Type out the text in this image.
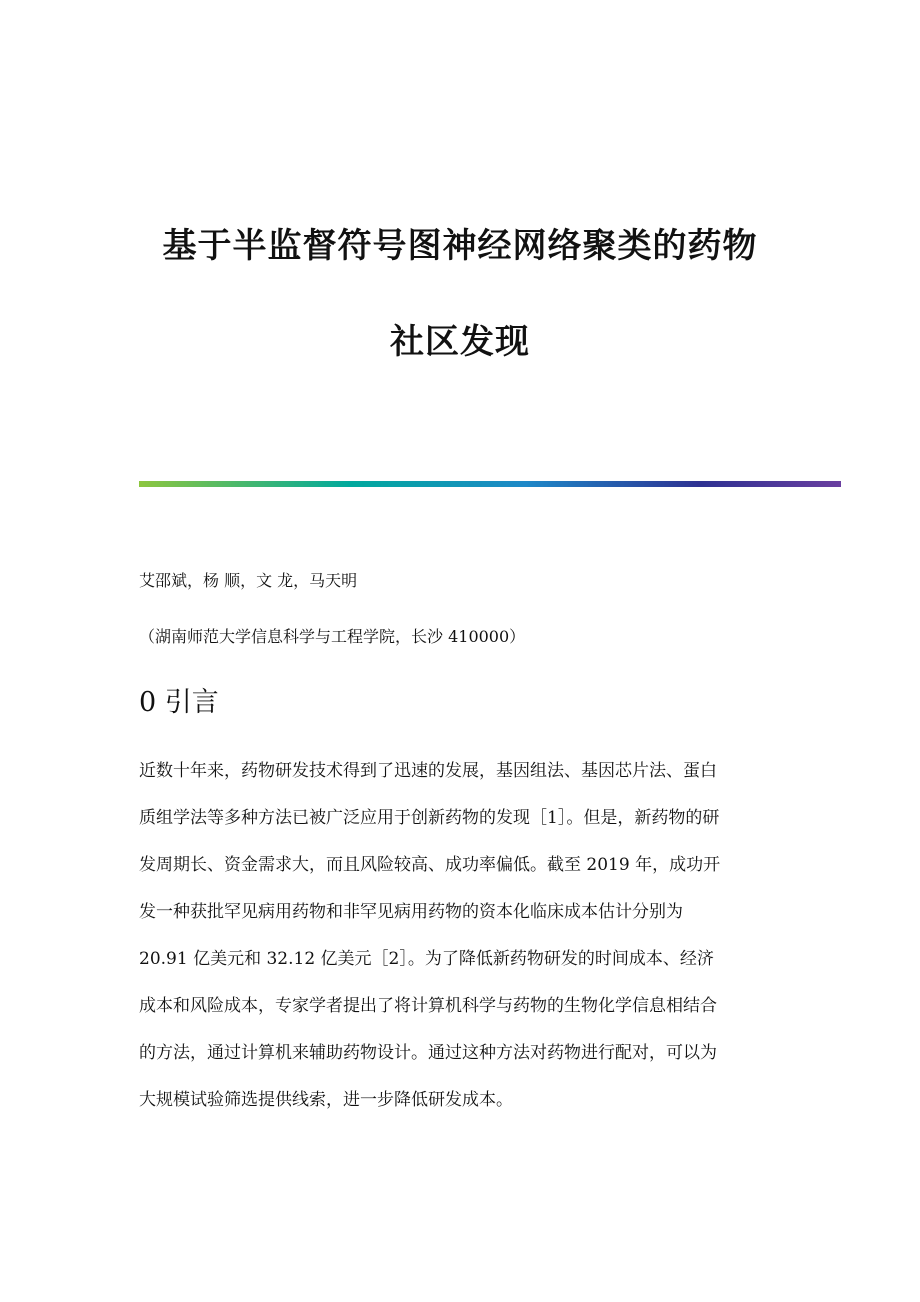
基于半监督符号图神经网络聚类的药物
社区发现
艾邵斌，杨 顺，文 龙，马天明
（湖南师范大学信息科学与工程学院，长沙 410000）
0 引言
近数十年来，药物研发技术得到了迅速的发展，基因组法、基因芯片法、蛋白
质组学法等多种方法已被广泛应用于创新药物的发现［1］。但是，新药物的研
发周期长、资金需求大，而且风险较高、成功率偏低。截至 2019 年，成功开
发一种获批罕见病用药物和非罕见病用药物的资本化临床成本估计分别为
20.91 亿美元和 32.12 亿美元［2］。为了降低新药物研发的时间成本、经济
成本和风险成本，专家学者提出了将计算机科学与药物的生物化学信息相结合
的方法，通过计算机来辅助药物设计。通过这种方法对药物进行配对，可以为
大规模试验筛选提供线索，进一步降低研发成本。
